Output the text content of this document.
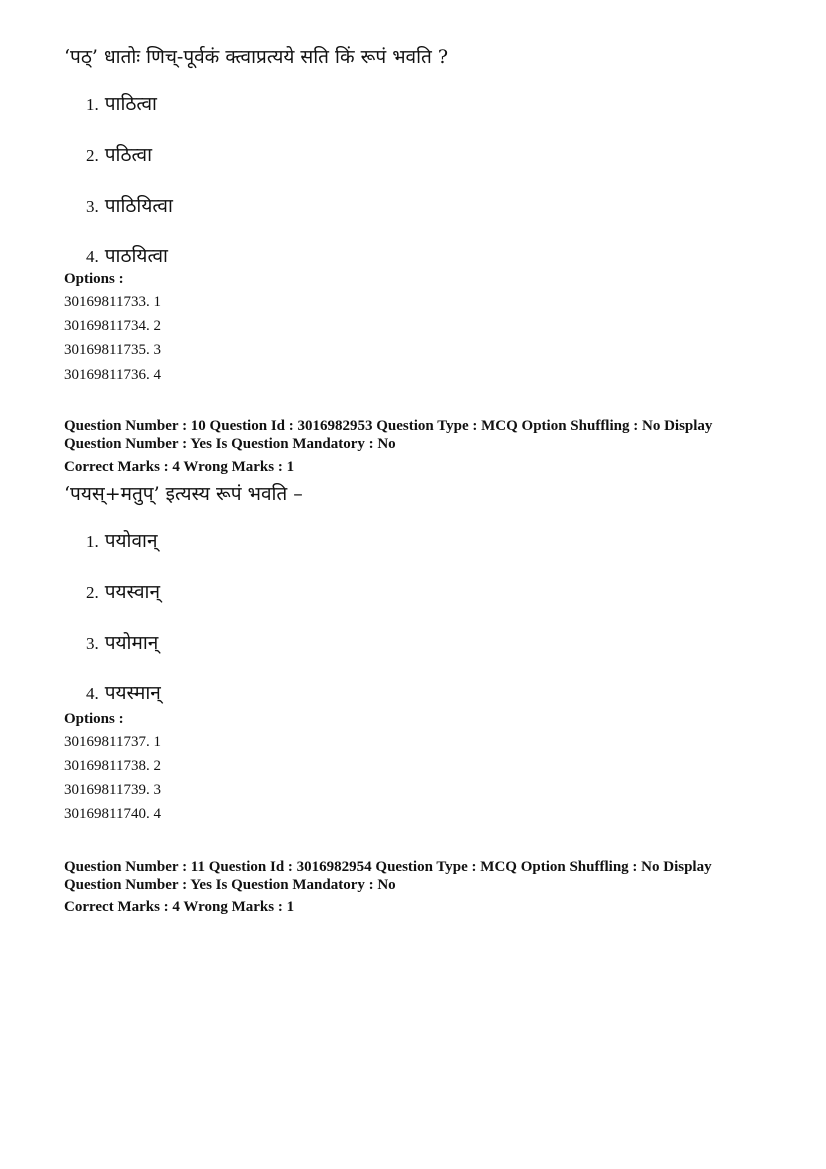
‘पठ्’ धातोः णिच्-पूर्वकं क्त्वाप्रत्यये सति किं रूपं भवति ?
1. पाठित्वा
2. पठित्वा
3. पाठियित्वा
4. पाठयित्वा
Options :
30169811733. 1
30169811734. 2
30169811735. 3
30169811736. 4
Question Number : 10 Question Id : 3016982953 Question Type : MCQ Option Shuffling : No Display
Question Number : Yes Is Question Mandatory : No
Correct Marks : 4 Wrong Marks : 1
‘पयस्+मतुप्’ इत्यस्य रूपं भवति –
1. पयोवान्
2. पयस्वान्
3. पयोमान्
4. पयस्मान्
Options :
30169811737. 1
30169811738. 2
30169811739. 3
30169811740. 4
Question Number : 11 Question Id : 3016982954 Question Type : MCQ Option Shuffling : No Display
Question Number : Yes Is Question Mandatory : No
Correct Marks : 4 Wrong Marks : 1
